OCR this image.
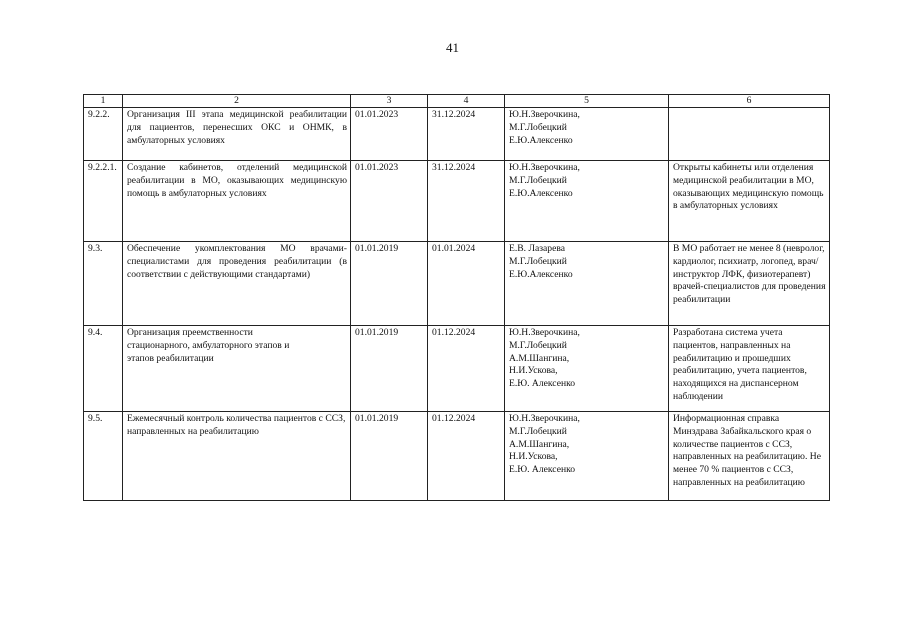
41
1	2	3	4	5	6
9.2.2.	Организация III этапа медицинской реабилитации для пациентов, перенесших ОКС и ОНМК, в амбулаторных условиях	01.01.2023	31.12.2024	Ю.Н.Зверочкина,
М.Г.Лобецкий
Е.Ю.Алексенко	
9.2.2.1.	Создание кабинетов, отделений медицинской реабилитации в МО, оказывающих медицинскую помощь в амбулаторных условиях	01.01.2023	31.12.2024	Ю.Н.Зверочкина,
М.Г.Лобецкий
Е.Ю.Алексенко	Открыты кабинеты или отделения медицинской реабилитации в МО, оказывающих медицинскую помощь в амбулаторных условиях
9.3.	Обеспечение укомплектования МО врачами-специалистами для проведения реабилитации (в соответствии с действующими стандартами)	01.01.2019	01.01.2024	Е.В. Лазарева
М.Г.Лобецкий
Е.Ю.Алексенко	В МО работает не менее 8 (невролог, кардиолог, психиатр, логопед, врач/инструктор ЛФК, физиотерапевт) врачей-специалистов для проведения реабилитации
9.4.	Организация преемственности
стационарного, амбулаторного этапов и
этапов реабилитации	01.01.2019	01.12.2024	Ю.Н.Зверочкина,
М.Г.Лобецкий
А.М.Шангина,
Н.И.Ускова,
Е.Ю. Алексенко	Разработана система учета пациентов, направленных на реабилитацию и прошедших реабилитацию, учета пациентов, находящихся на диспансерном наблюдении
9.5.	Ежемесячный контроль количества пациентов с ССЗ, направленных на реабилитацию	01.01.2019	01.12.2024	Ю.Н.Зверочкина,
М.Г.Лобецкий
А.М.Шангина,
Н.И.Ускова,
Е.Ю. Алексенко	Информационная справка Минздрава Забайкальского края о количестве пациентов с ССЗ, направленных на реабилитацию. Не менее 70 % пациентов с ССЗ, направленных на реабилитацию
